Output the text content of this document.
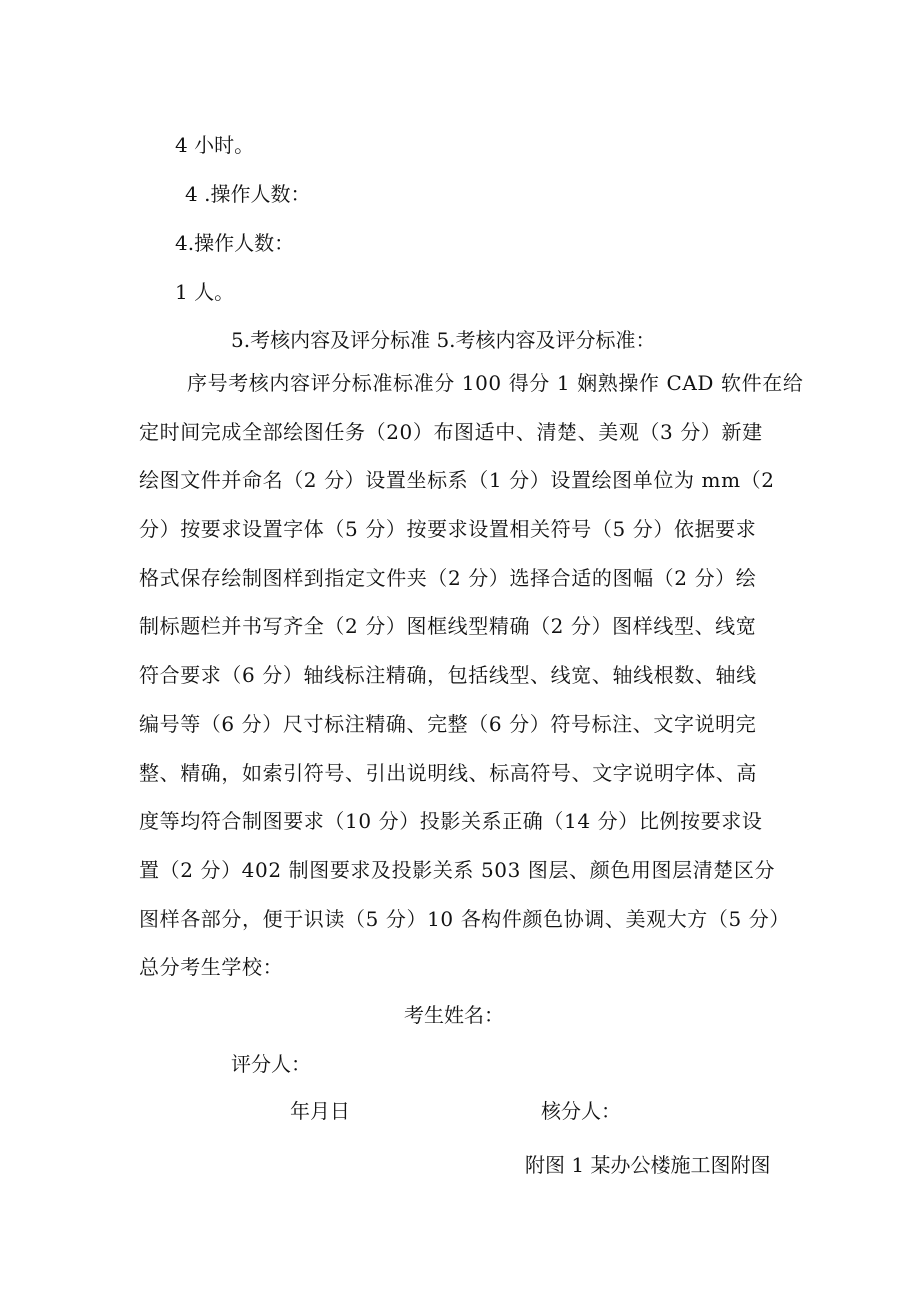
4 小时。
4 .操作人数：
4.操作人数：
1 人。
5.考核内容及评分标准 5.考核内容及评分标准：
序号考核内容评分标准标准分 100 得分 1 娴熟操作 CAD 软件在给
定时间完成全部绘图任务（20）布图适中、清楚、美观（3 分）新建
绘图文件并命名（2 分）设置坐标系（1 分）设置绘图单位为 mm（2
分）按要求设置字体（5 分）按要求设置相关符号（5 分）依据要求
格式保存绘制图样到指定文件夹（2 分）选择合适的图幅（2 分）绘
制标题栏并书写齐全（2 分）图框线型精确（2 分）图样线型、线宽
符合要求（6 分）轴线标注精确，包括线型、线宽、轴线根数、轴线
编号等（6 分）尺寸标注精确、完整（6 分）符号标注、文字说明完
整、精确，如索引符号、引出说明线、标高符号、文字说明字体、高
度等均符合制图要求（10 分）投影关系正确（14 分）比例按要求设
置（2 分）402 制图要求及投影关系 503 图层、颜色用图层清楚区分
图样各部分，便于识读（5 分）10 各构件颜色协调、美观大方（5 分）
总分考生学校：
考生姓名：
评分人：
年月日	核分人：
附图 1 某办公楼施工图附图
